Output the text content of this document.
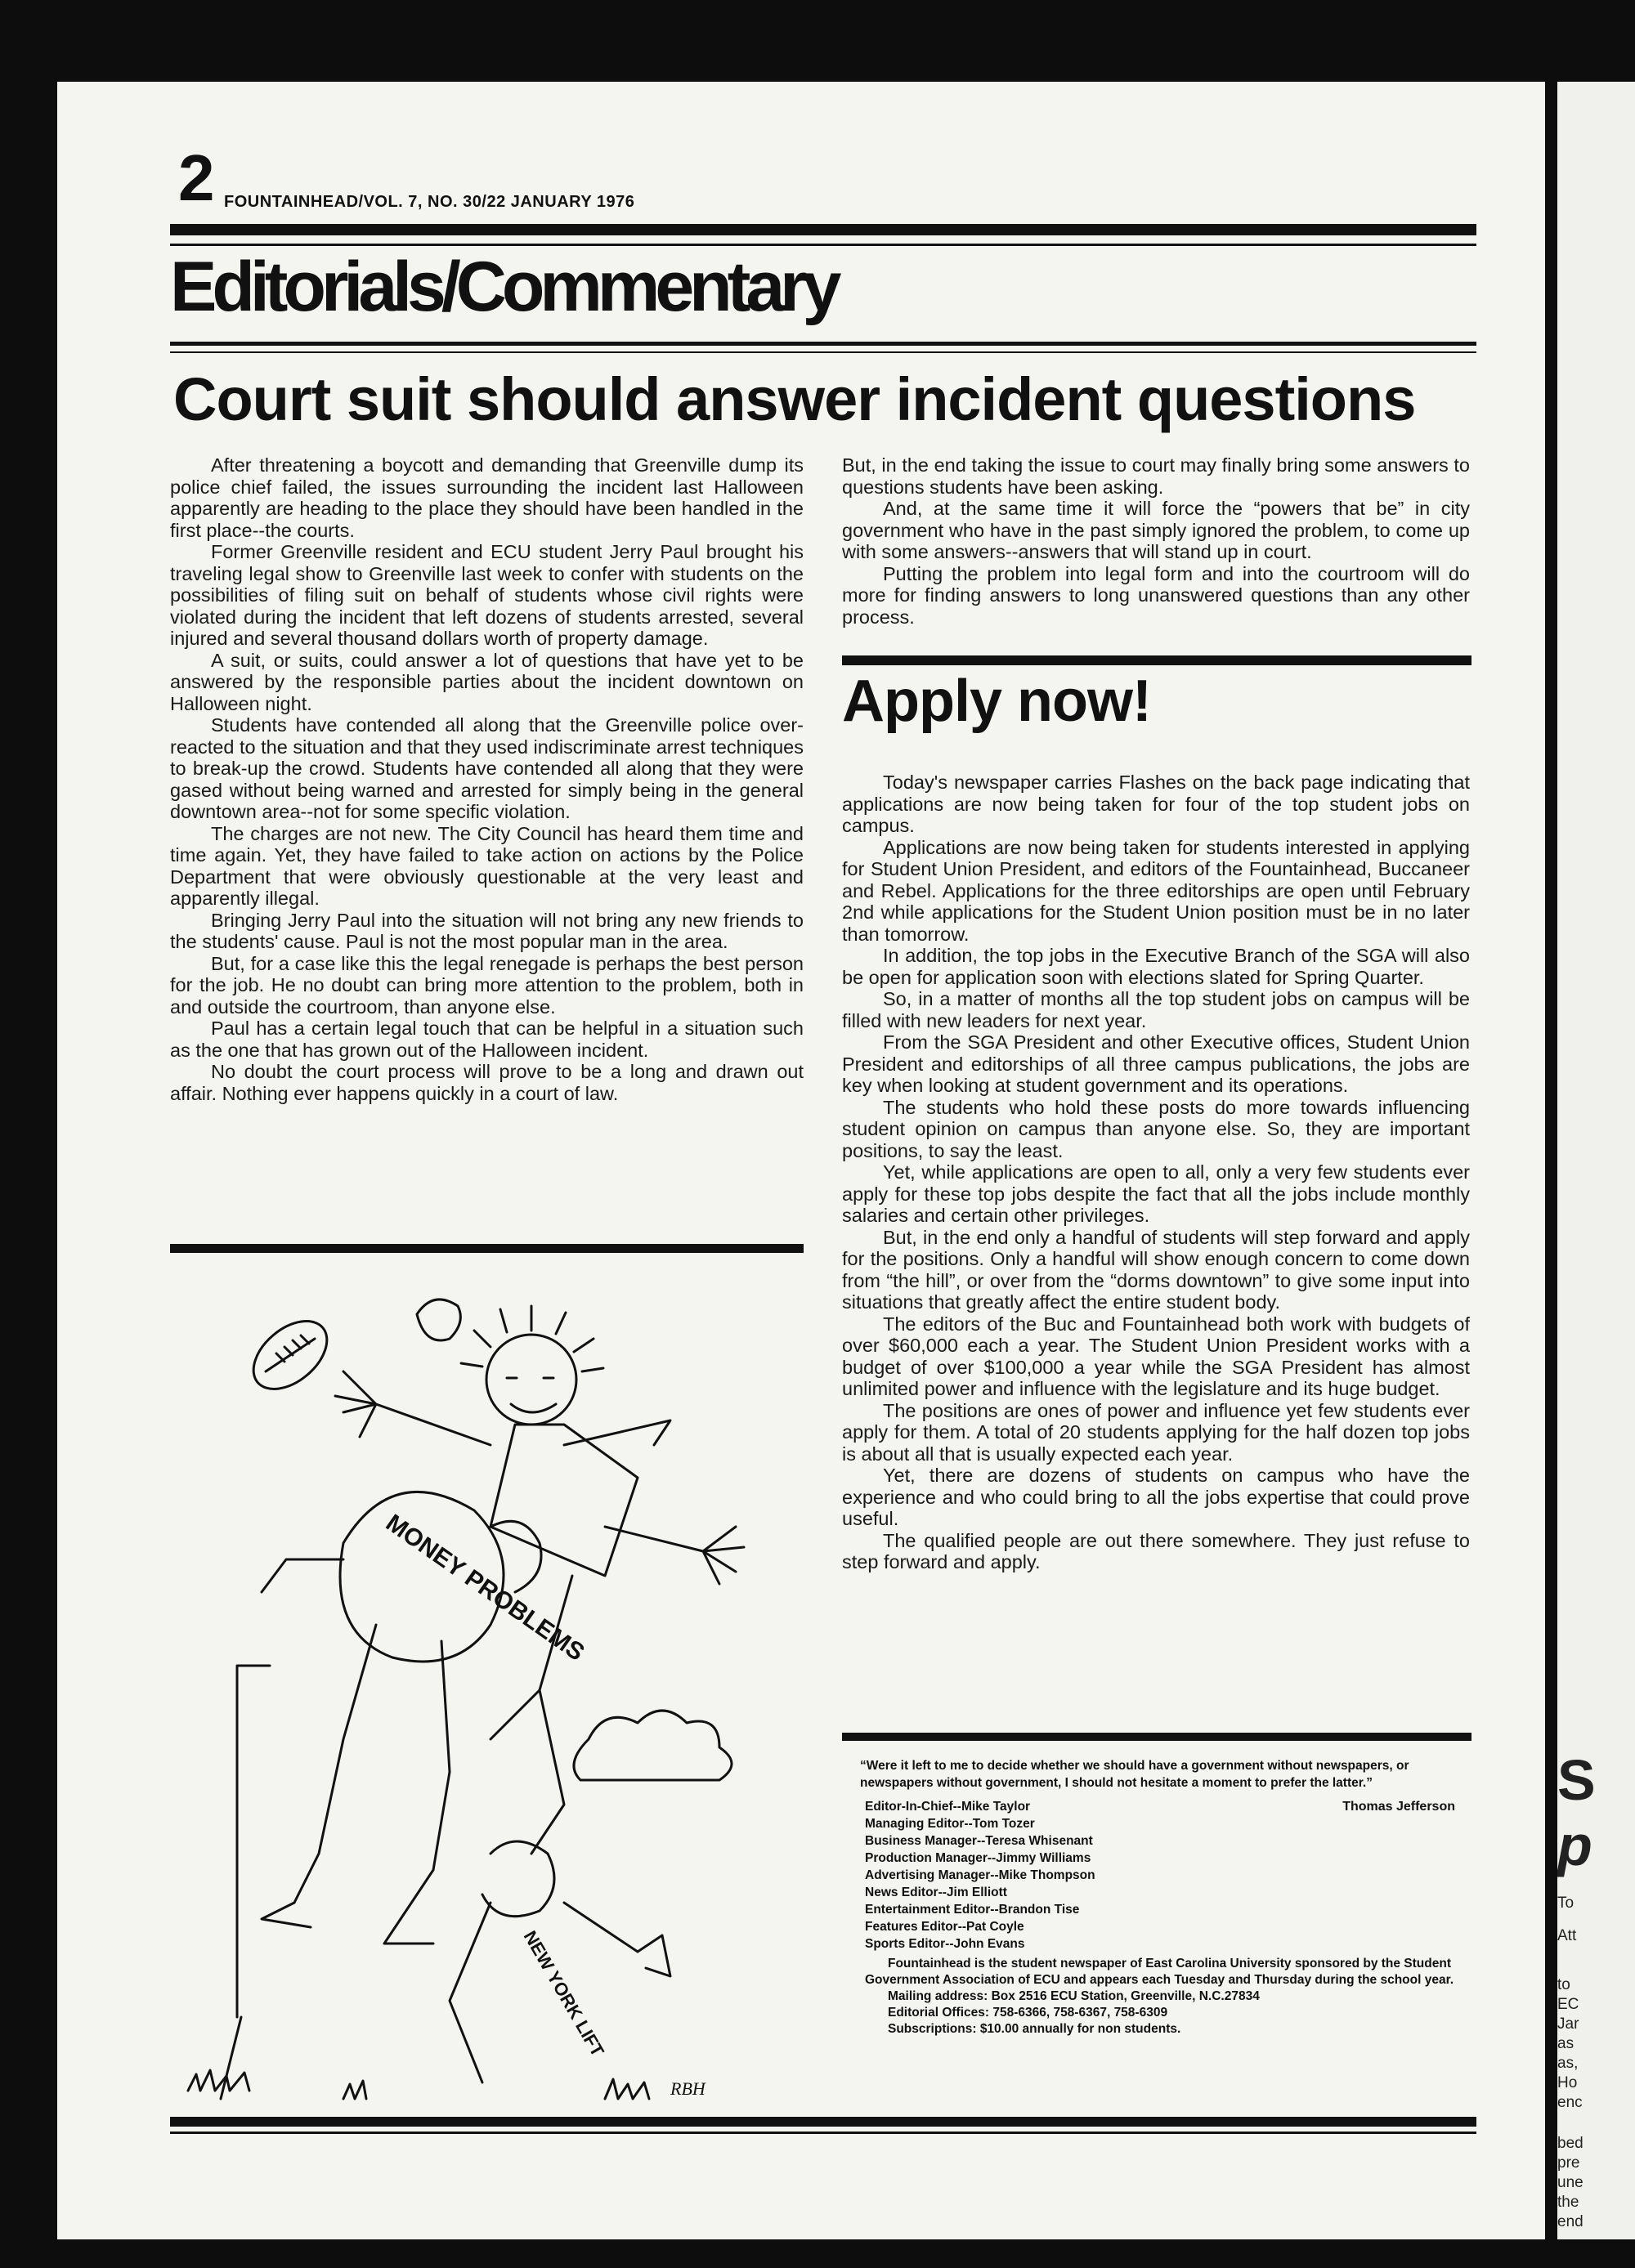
S
p
To
Att
to
EC
Jar
as
as,
Ho
enc
bed
pre
une
the
end
2 FOUNTAINHEAD/VOL. 7, NO. 30/22 JANUARY 1976
Editorials/Commentary
Court suit should answer incident questions

After threatening a boycott and demanding that Greenville dump its police chief failed, the issues surrounding the incident last Halloween apparently are heading to the place they should have been handled in the first place--the courts.

Former Greenville resident and ECU student Jerry Paul brought his traveling legal show to Greenville last week to confer with students on the possibilities of filing suit on behalf of students whose civil rights were violated during the incident that left dozens of students arrested, several injured and several thousand dollars worth of property damage.

A suit, or suits, could answer a lot of questions that have yet to be answered by the responsible parties about the incident downtown on Halloween night.

Students have contended all along that the Greenville police over-reacted to the situation and that they used indiscriminate arrest techniques to break-up the crowd. Students have contended all along that they were gased without being warned and arrested for simply being in the general downtown area--not for some specific violation.

The charges are not new. The City Council has heard them time and time again. Yet, they have failed to take action on actions by the Police Department that were obviously questionable at the very least and apparently illegal.

Bringing Jerry Paul into the situation will not bring any new friends to the students' cause. Paul is not the most popular man in the area.

But, for a case like this the legal renegade is perhaps the best person for the job. He no doubt can bring more attention to the problem, both in and outside the courtroom, than anyone else.

Paul has a certain legal touch that can be helpful in a situation such as the one that has grown out of the Halloween incident.

No doubt the court process will prove to be a long and drawn out affair. Nothing ever happens quickly in a court of law.

But, in the end taking the issue to court may finally bring some answers to questions students have been asking.

And, at the same time it will force the “powers that be” in city government who have in the past simply ignored the problem, to come up with some answers--answers that will stand up in court.

Putting the problem into legal form and into the courtroom will do more for finding answers to long unanswered questions than any other process.

Apply now!

Today's newspaper carries Flashes on the back page indicating that applications are now being taken for four of the top student jobs on campus.

Applications are now being taken for students interested in applying for Student Union President, and editors of the Fountainhead, Buccaneer and Rebel. Applications for the three editorships are open until February 2nd while applications for the Student Union position must be in no later than tomorrow.

In addition, the top jobs in the Executive Branch of the SGA will also be open for application soon with elections slated for Spring Quarter.

So, in a matter of months all the top student jobs on campus will be filled with new leaders for next year.

From the SGA President and other Executive offices, Student Union President and editorships of all three campus publications, the jobs are key when looking at student government and its operations.

The students who hold these posts do more towards influencing student opinion on campus than anyone else. So, they are important positions, to say the least.

Yet, while applications are open to all, only a very few students ever apply for these top jobs despite the fact that all the jobs include monthly salaries and certain other privileges.

But, in the end only a handful of students will step forward and apply for the positions. Only a handful will show enough concern to come down from “the hill”, or over from the “dorms downtown” to give some input into situations that greatly affect the entire student body.

The editors of the Buc and Fountainhead both work with budgets of over $60,000 each a year. The Student Union President works with a budget of over $100,000 a year while the SGA President has almost unlimited power and influence with the legislature and its huge budget.

The positions are ones of power and influence yet few students ever apply for them. A total of 20 students applying for the half dozen top jobs is about all that is usually expected each year.

Yet, there are dozens of students on campus who have the experience and who could bring to all the jobs expertise that could prove useful.

The qualified people are out there somewhere. They just refuse to step forward and apply.

MONEY PROBLEMS
NEW YORK LIFT
RBH
“Were it left to me to decide whether we should have a government without newspapers, or newspapers without government, I should not hesitate a moment to prefer the latter.”
Thomas Jefferson
Editor-In-Chief--Mike Taylor
Managing Editor--Tom Tozer
Business Manager--Teresa Whisenant
Production Manager--Jimmy Williams
Advertising Manager--Mike Thompson
News Editor--Jim Elliott
Entertainment Editor--Brandon Tise
Features Editor--Pat Coyle
Sports Editor--John Evans
Fountainhead is the student newspaper of East Carolina University sponsored by the Student Government Association of ECU and appears each Tuesday and Thursday during the school year.
Mailing address: Box 2516 ECU Station, Greenville, N.C.27834
Editorial Offices: 758-6366, 758-6367, 758-6309
Subscriptions: $10.00 annually for non students.
